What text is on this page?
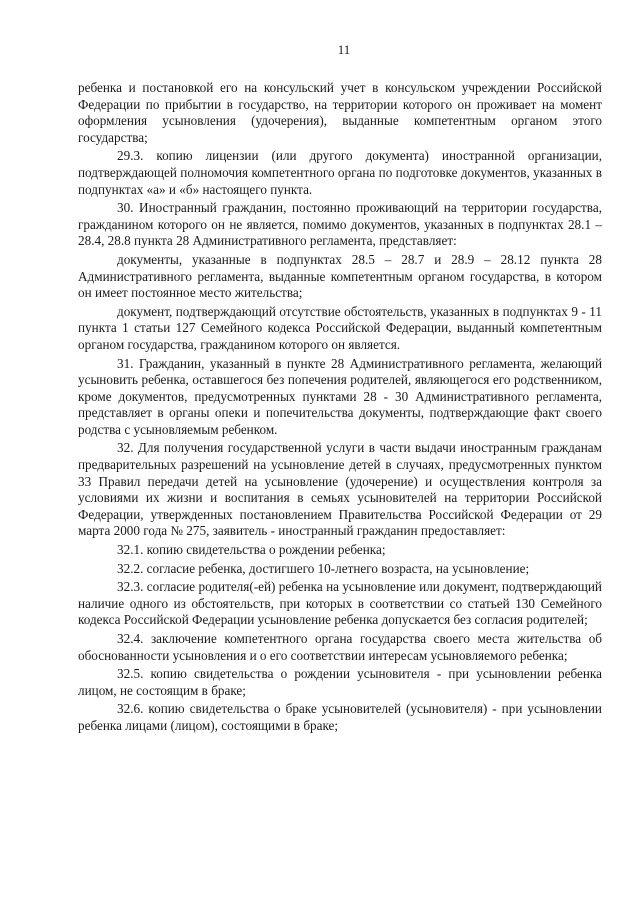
11

ребенка и постановкой его на консульский учет в консульском учреждении Российской Федерации по прибытии в государство, на территории которого он проживает на момент оформления усыновления (удочерения), выданные компетентным органом этого государства;

29.3. копию лицензии (или другого документа) иностранной организации, подтверждающей полномочия компетентного органа по подготовке документов, указанных в подпунктах «а» и «б» настоящего пункта.

30. Иностранный гражданин, постоянно проживающий на территории государства, гражданином которого он не является, помимо документов, указанных в подпунктах 28.1 – 28.4, 28.8 пункта 28 Административного регламента, представляет:

документы, указанные в подпунктах 28.5 – 28.7 и 28.9 – 28.12 пункта 28 Административного регламента, выданные компетентным органом государства, в котором он имеет постоянное место жительства;

документ, подтверждающий отсутствие обстоятельств, указанных в подпунктах 9 - 11 пункта 1 статьи 127 Семейного кодекса Российской Федерации, выданный компетентным органом государства, гражданином которого он является.

31. Гражданин, указанный в пункте 28 Административного регламента, желающий усыновить ребенка, оставшегося без попечения родителей, являющегося его родственником, кроме документов, предусмотренных пунктами 28 - 30 Административного регламента, представляет в органы опеки и попечительства документы, подтверждающие факт своего родства с усыновляемым ребенком.

32. Для получения государственной услуги в части выдачи иностранным гражданам предварительных разрешений на усыновление детей в случаях, предусмотренных пунктом 33 Правил передачи детей на усыновление (удочерение) и осуществления контроля за условиями их жизни и воспитания в семьях усыновителей на территории Российской Федерации, утвержденных постановлением Правительства Российской Федерации от 29 марта 2000 года № 275, заявитель - иностранный гражданин предоставляет:

32.1. копию свидетельства о рождении ребенка;

32.2. согласие ребенка, достигшего 10-летнего возраста, на усыновление;

32.3. согласие родителя(-ей) ребенка на усыновление или документ, подтверждающий наличие одного из обстоятельств, при которых в соответствии со статьей 130 Семейного кодекса Российской Федерации усыновление ребенка допускается без согласия родителей;

32.4. заключение компетентного органа государства своего места жительства об обоснованности усыновления и о его соответствии интересам усыновляемого ребенка;

32.5. копию свидетельства о рождении усыновителя - при усыновлении ребенка лицом, не состоящим в браке;

32.6. копию свидетельства о браке усыновителей (усыновителя) - при усыновлении ребенка лицами (лицом), состоящими в браке;
